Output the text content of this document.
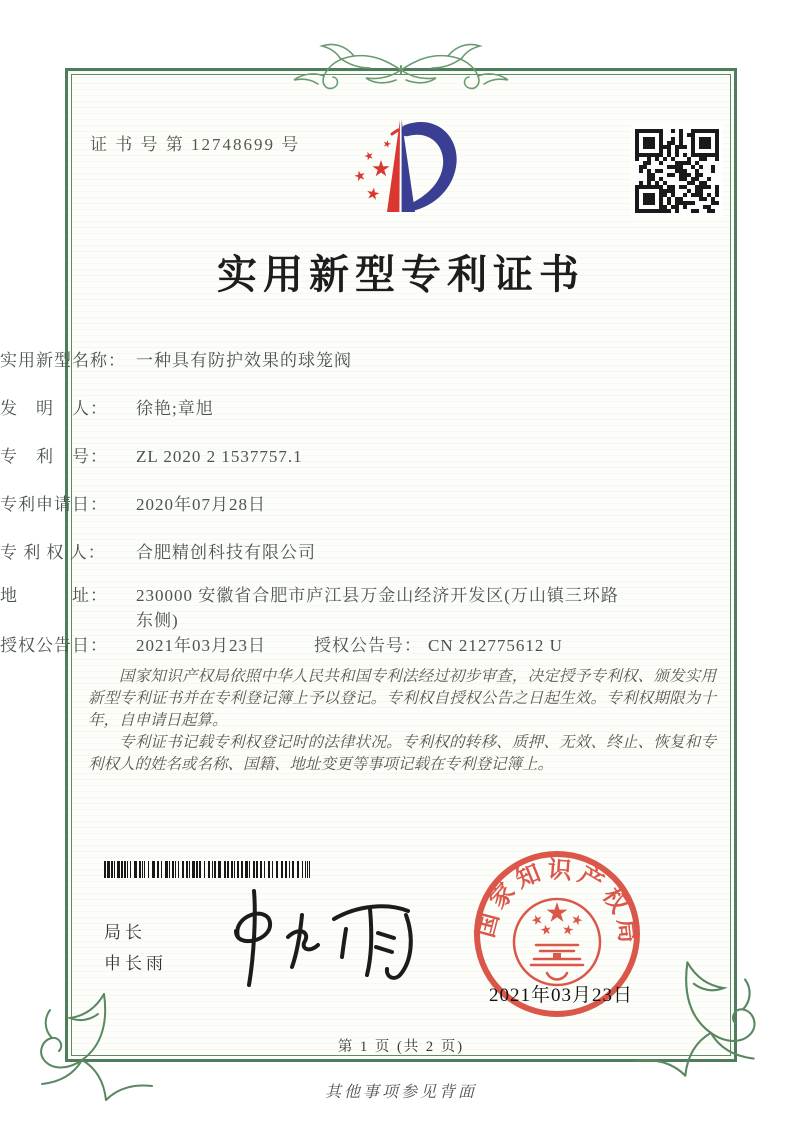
证 书 号 第 12748699 号
实用新型专利证书
实用新型名称： 一种具有防护效果的球笼阀
发　明　人：	徐艳;章旭
专　利　号：	ZL 2020 2 1537757.1
专利申请日：	2020年07月28日
专 利 权 人：	合肥精创科技有限公司
地　　　址：	230000 安徽省合肥市庐江县万金山经济开发区(万山镇三环路东侧)
授权公告日：	2021年03月23日	授权公告号： CN 212775612 U

国家知识产权局依照中华人民共和国专利法经过初步审查，决定授予专利权、颁发实用新型专利证书并在专利登记簿上予以登记。专利权自授权公告之日起生效。专利权期限为十年，自申请日起算。

专利证书记载专利权登记时的法律状况。专利权的转移、质押、无效、终止、恢复和专利权人的姓名或名称、国籍、地址变更等事项记载在专利登记簿上。

局长
申长雨
国家知识产权局
2021年03月23日
第 1 页 (共 2 页)
其他事项参见背面
